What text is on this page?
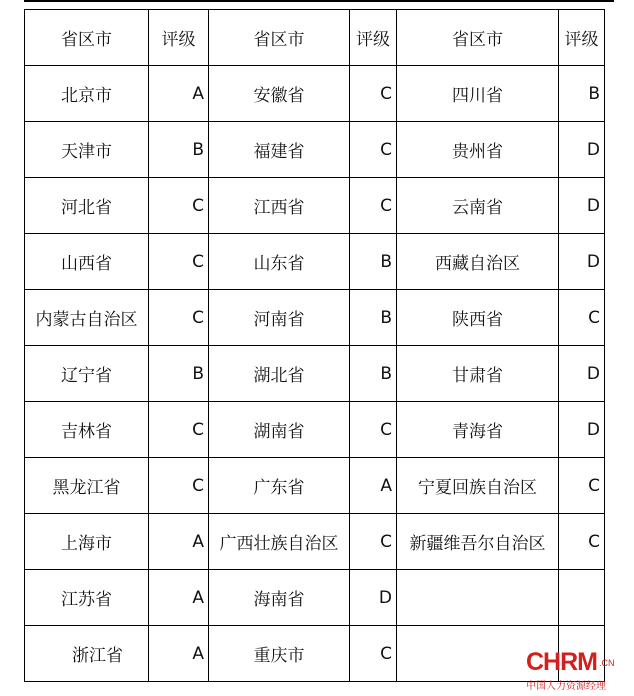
省区市	评级	省区市	评级	省区市	评级
北京市	A	安徽省	C	四川省	B
天津市	B	福建省	C	贵州省	D
河北省	C	江西省	C	云南省	D
山西省	C	山东省	B	西藏自治区	D
内蒙古自治区	C	河南省	B	陕西省	C
辽宁省	B	湖北省	B	甘肃省	D
吉林省	C	湖南省	C	青海省	D
黑龙江省	C	广东省	A	宁夏回族自治区	C
上海市	A	广西壮族自治区	C	新疆维吾尔自治区	C
江苏省	A	海南省	D		
浙江省	A	重庆市	C			CHRM .CN
中国人力资源经理
